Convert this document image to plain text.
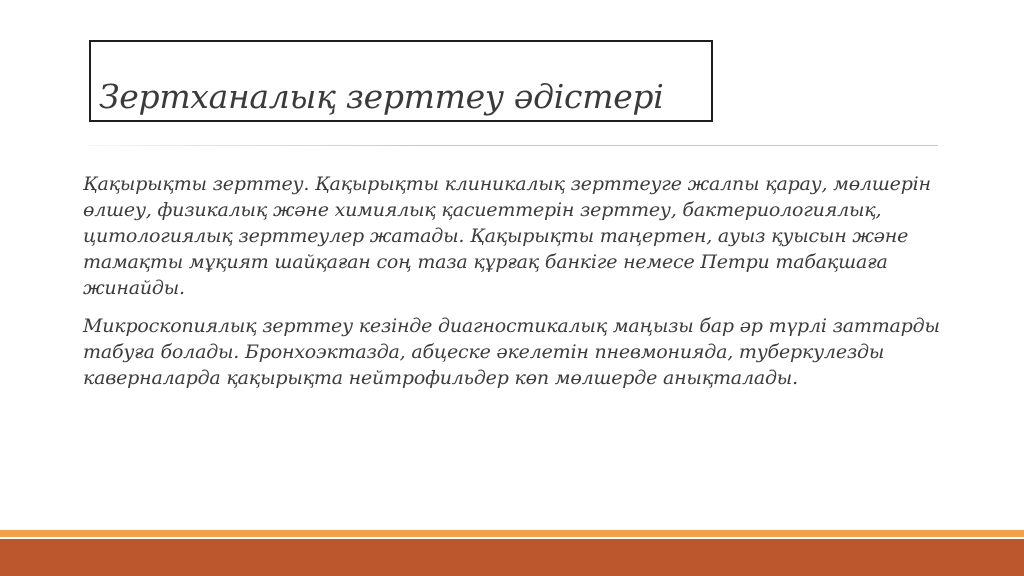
Зертханалық зерттеу әдістері

Қақырықты зерттеу. Қақырықты клиникалық зерттеуге жалпы қарау, мөлшерін өлшеу, физикалық және химиялық қасиеттерін зерттеу, бактериологиялық, цитологиялық зерттеулер жатады. Қақырықты таңертен, ауыз қуысын және тамақты мұқият шайқаған соң таза құрғақ банкіге немесе Петри табақшаға жинайды.

Микроскопиялық зерттеу кезінде диагностикалық маңызы бар әр түрлі заттарды табуға болады. Бронхоэктазда, абцеске әкелетін пневмонияда, туберкулезды каверналарда қақырықта нейтрофильдер көп мөлшерде анықталады.
